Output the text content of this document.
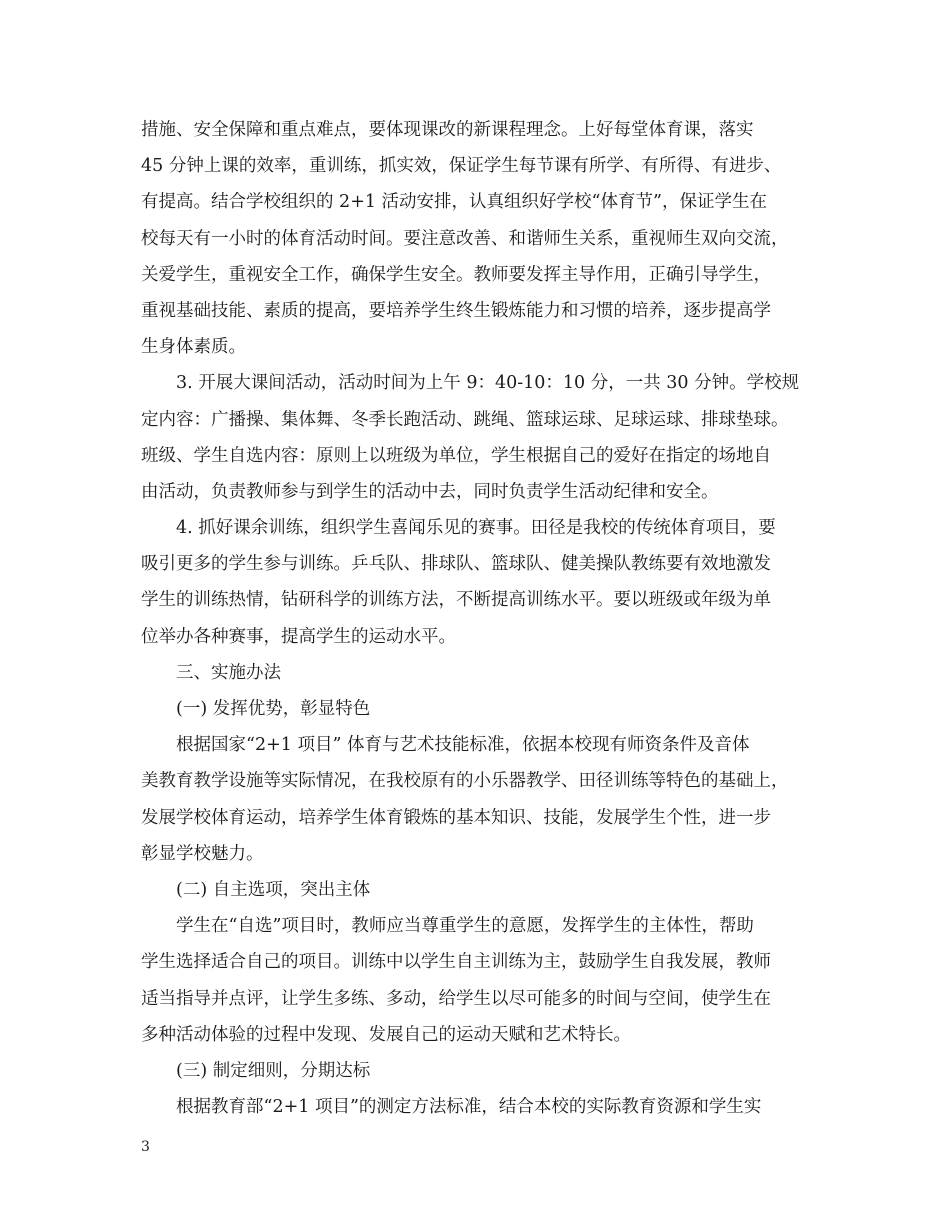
措施、安全保障和重点难点，要体现课改的新课程理念。上好每堂体育课，落实
45 分钟上课的效率，重训练，抓实效，保证学生每节课有所学、有所得、有进步、
有提高。结合学校组织的 2+1 活动安排，认真组织好学校“体育节”，保证学生在
校每天有一小时的体育活动时间。要注意改善、和谐师生关系，重视师生双向交流，
关爱学生，重视安全工作，确保学生安全。教师要发挥主导作用，正确引导学生，
重视基础技能、素质的提高，要培养学生终生锻炼能力和习惯的培养，逐步提高学
生身体素质。
3. 开展大课间活动，活动时间为上午 9：40-10：10 分，一共 30 分钟。学校规
定内容：广播操、集体舞、冬季长跑活动、跳绳、篮球运球、足球运球、排球垫球。
班级、学生自选内容：原则上以班级为单位，学生根据自己的爱好在指定的场地自
由活动，负责教师参与到学生的活动中去，同时负责学生活动纪律和安全。
4. 抓好课余训练，组织学生喜闻乐见的赛事。田径是我校的传统体育项目，要
吸引更多的学生参与训练。乒乓队、排球队、篮球队、健美操队教练要有效地激发
学生的训练热情，钻研科学的训练方法，不断提高训练水平。要以班级或年级为单
位举办各种赛事，提高学生的运动水平。
三、实施办法
(一) 发挥优势，彰显特色
根据国家“2+1 项目” 体育与艺术技能标准，依据本校现有师资条件及音体
美教育教学设施等实际情况，在我校原有的小乐器教学、田径训练等特色的基础上，
发展学校体育运动，培养学生体育锻炼的基本知识、技能，发展学生个性，进一步
彰显学校魅力。
(二) 自主选项，突出主体
学生在“自选”项目时，教师应当尊重学生的意愿，发挥学生的主体性，帮助
学生选择适合自己的项目。训练中以学生自主训练为主，鼓励学生自我发展，教师
适当指导并点评，让学生多练、多动，给学生以尽可能多的时间与空间，使学生在
多种活动体验的过程中发现、发展自己的运动天赋和艺术特长。
(三) 制定细则，分期达标
根据教育部“2+1 项目”的测定方法标准，结合本校的实际教育资源和学生实
3
